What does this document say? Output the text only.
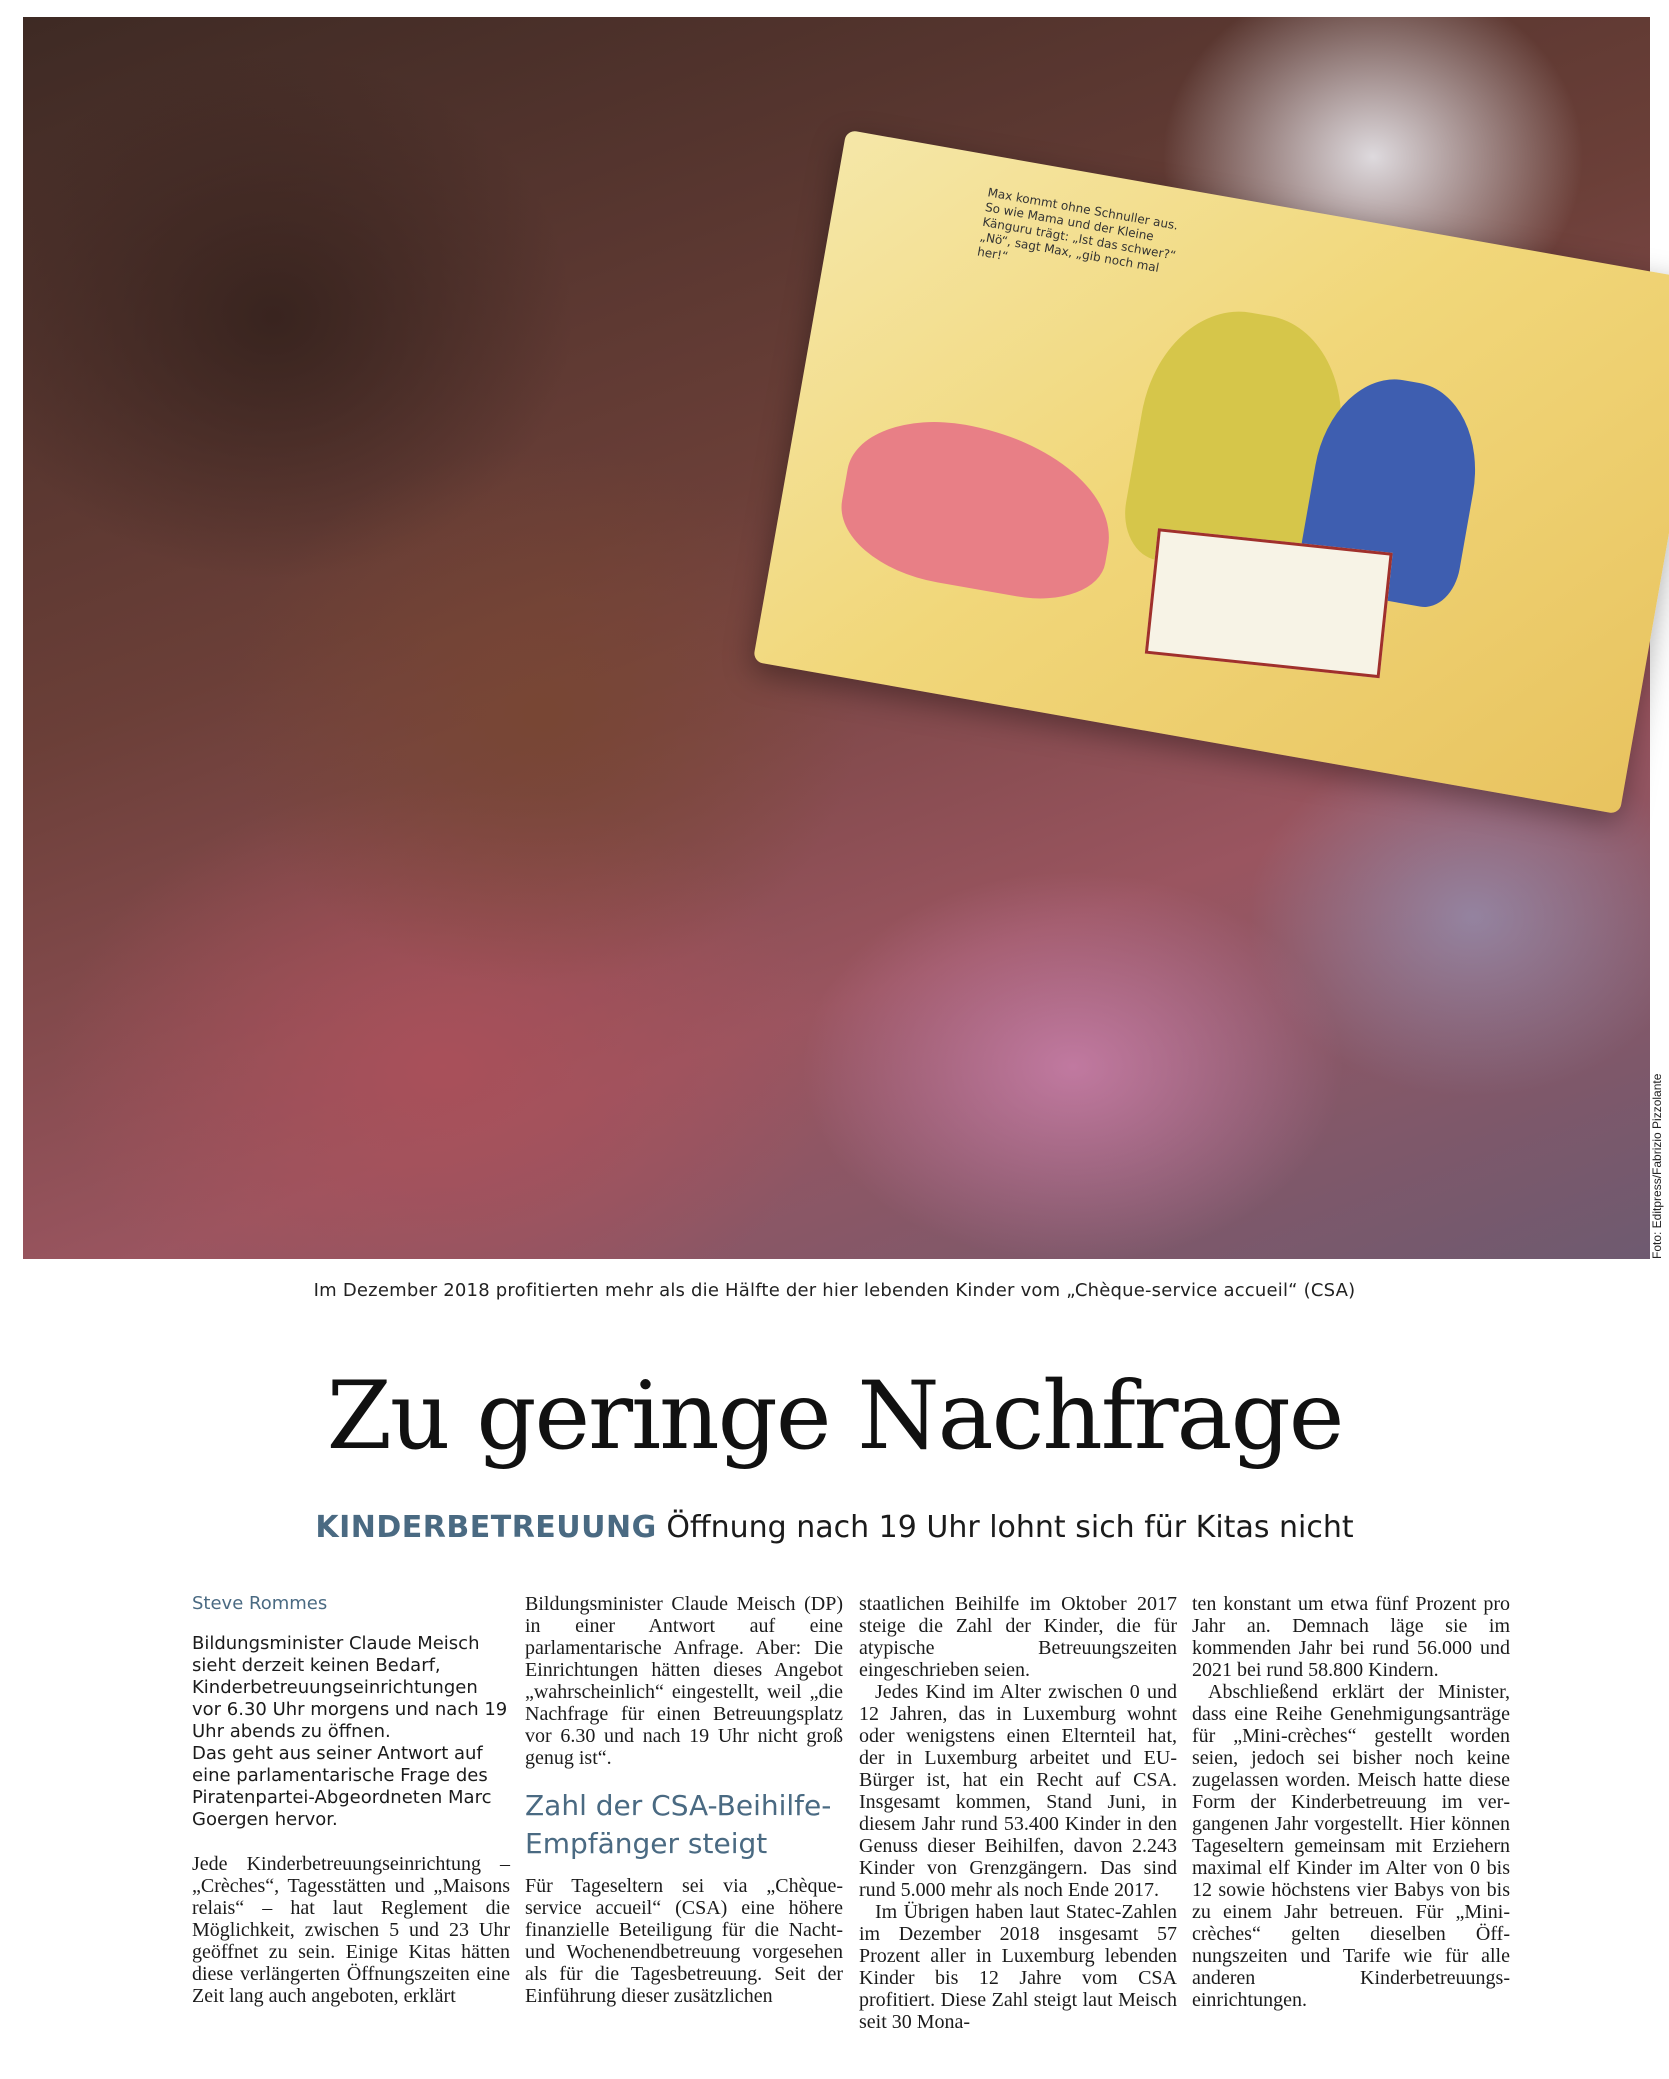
Max kommt ohne Schnuller aus. So wie Mama und der Kleine Känguru trägt: „Ist das schwer?“ „Nö“, sagt Max, „gib noch mal her!“
Foto: Editpress/Fabrizio Pizzolante
Im Dezember 2018 profitierten mehr als die Hälfte der hier lebenden Kinder vom „Chèque-service accueil“ (CSA)
Zu geringe Nachfrage
KINDERBETREUUNG Öffnung nach 19 Uhr lohnt sich für Kitas nicht
Steve Rommes

Bildungsminister Claude Meisch sieht derzeit keinen Bedarf, Kinderbetreuungseinrichtungen vor 6.30 Uhr morgens und nach 19 Uhr abends zu öffnen.

Das geht aus seiner Antwort auf eine parlamentarische Frage des Piratenpartei-Abgeordneten Marc Goergen hervor.

Jede Kinderbetreuungseinrichtung – „Crèches“, Tagesstätten und „Maisons relais“ – hat laut Reglement die Möglichkeit, zwischen 5 und 23 Uhr geöffnet zu sein. Einige Kitas hätten diese verlängerten Öffnungszeiten eine Zeit lang auch angeboten, erklärt

Bildungsminister Claude Meisch (DP) in einer Antwort auf eine parlamentarische Anfrage. Aber: Die Einrichtungen hätten dieses Angebot „wahrscheinlich“ eingestellt, weil „die Nachfrage für einen Betreuungsplatz vor 6.30 und nach 19 Uhr nicht groß genug ist“.

Zahl der CSA-Beihilfe-Empfänger steigt

Für Tageseltern sei via „Chèque-service accueil“ (CSA) eine höhere finanzielle Beteiligung für die Nacht- und Wochenendbetreuung vorgesehen als für die Tagesbetreuung. Seit der Einführung dieser zusätzlichen

staatlichen Beihilfe im Oktober 2017 steige die Zahl der Kinder, die für atypische Betreuungszeiten eingeschrieben seien.

Jedes Kind im Alter zwischen 0 und 12 Jahren, das in Luxemburg wohnt oder wenigstens einen Elternteil hat, der in Luxemburg arbeitet und EU-Bürger ist, hat ein Recht auf CSA. Insgesamt kommen, Stand Juni, in diesem Jahr rund 53.400 Kinder in den Genuss dieser Beihilfen, davon 2.243 Kinder von Grenzgängern. Das sind rund 5.000 mehr als noch Ende 2017.

Im Übrigen haben laut Statec-Zahlen im Dezember 2018 insgesamt 57 Prozent aller in Luxemburg lebenden Kinder bis 12 Jahre vom CSA profitiert. Diese Zahl steigt laut Meisch seit 30 Mona-

ten konstant um etwa fünf Prozent pro Jahr an. Demnach läge sie im kommenden Jahr bei rund 56.000 und 2021 bei rund 58.800 Kindern.

Abschließend erklärt der Minister, dass eine Reihe Genehmigungsanträge für „Mini-crèches“ gestellt worden seien, jedoch sei bisher noch keine zugelassen worden. Meisch hatte diese Form der Kinderbetreuung im vergangenen Jahr vorgestellt. Hier können Tageseltern gemeinsam mit Erziehern maximal elf Kinder im Alter von 0 bis 12 sowie höchstens vier Babys von bis zu einem Jahr betreuen. Für „Mini-crèches“ gelten dieselben Öffnungszeiten und Tarife wie für alle anderen Kinderbetreuungseinrichtungen.
